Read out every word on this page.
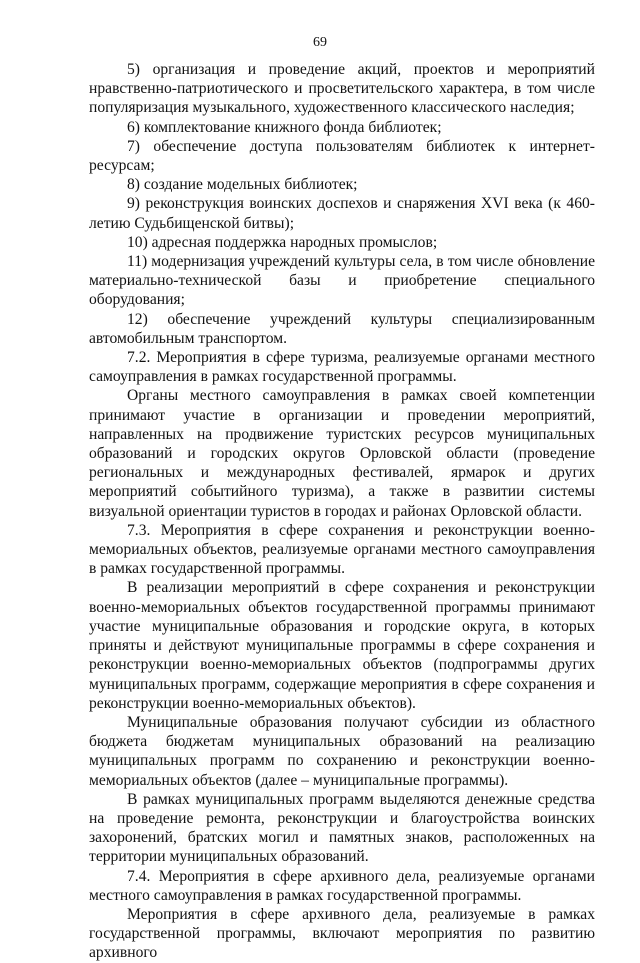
69

5) организация и проведение акций, проектов и мероприятий нравственно-патриотического и просветительского характера, в том числе популяризация музыкального, художественного классического наследия;

6) комплектование книжного фонда библиотек;

7) обеспечение доступа пользователям библиотек к интернет-ресурсам;

8) создание модельных библиотек;

9) реконструкция воинских доспехов и снаряжения XVI века (к 460-летию Судьбищенской битвы);

10) адресная поддержка народных промыслов;

11) модернизация учреждений культуры села, в том числе обновление материально-технической базы и приобретение специального оборудования;

12) обеспечение учреждений культуры специализированным автомобильным транспортом.

7.2. Мероприятия в сфере туризма, реализуемые органами местного самоуправления в рамках государственной программы.

Органы местного самоуправления в рамках своей компетенции принимают участие в организации и проведении мероприятий, направленных на продвижение туристских ресурсов муниципальных образований и городских округов Орловской области (проведение региональных и международных фестивалей, ярмарок и других мероприятий событийного туризма), а также в развитии системы визуальной ориентации туристов в городах и районах Орловской области.

7.3. Мероприятия в сфере сохранения и реконструкции военно-мемориальных объектов, реализуемые органами местного самоуправления в рамках государственной программы.

В реализации мероприятий в сфере сохранения и реконструкции военно-мемориальных объектов государственной программы принимают участие муниципальные образования и городские округа, в которых приняты и действуют муниципальные программы в сфере сохранения и реконструкции военно-мемориальных объектов (подпрограммы других муниципальных программ, содержащие мероприятия в сфере сохранения и реконструкции военно-мемориальных объектов).

Муниципальные образования получают субсидии из областного бюджета бюджетам муниципальных образований на реализацию муниципальных программ по сохранению и реконструкции военно-мемориальных объектов (далее – муниципальные программы).

В рамках муниципальных программ выделяются денежные средства на проведение ремонта, реконструкции и благоустройства воинских захоронений, братских могил и памятных знаков, расположенных на территории муниципальных образований.

7.4. Мероприятия в сфере архивного дела, реализуемые органами местного самоуправления в рамках государственной программы.

Мероприятия в сфере архивного дела, реализуемые в рамках государственной программы, включают мероприятия по развитию архивного
